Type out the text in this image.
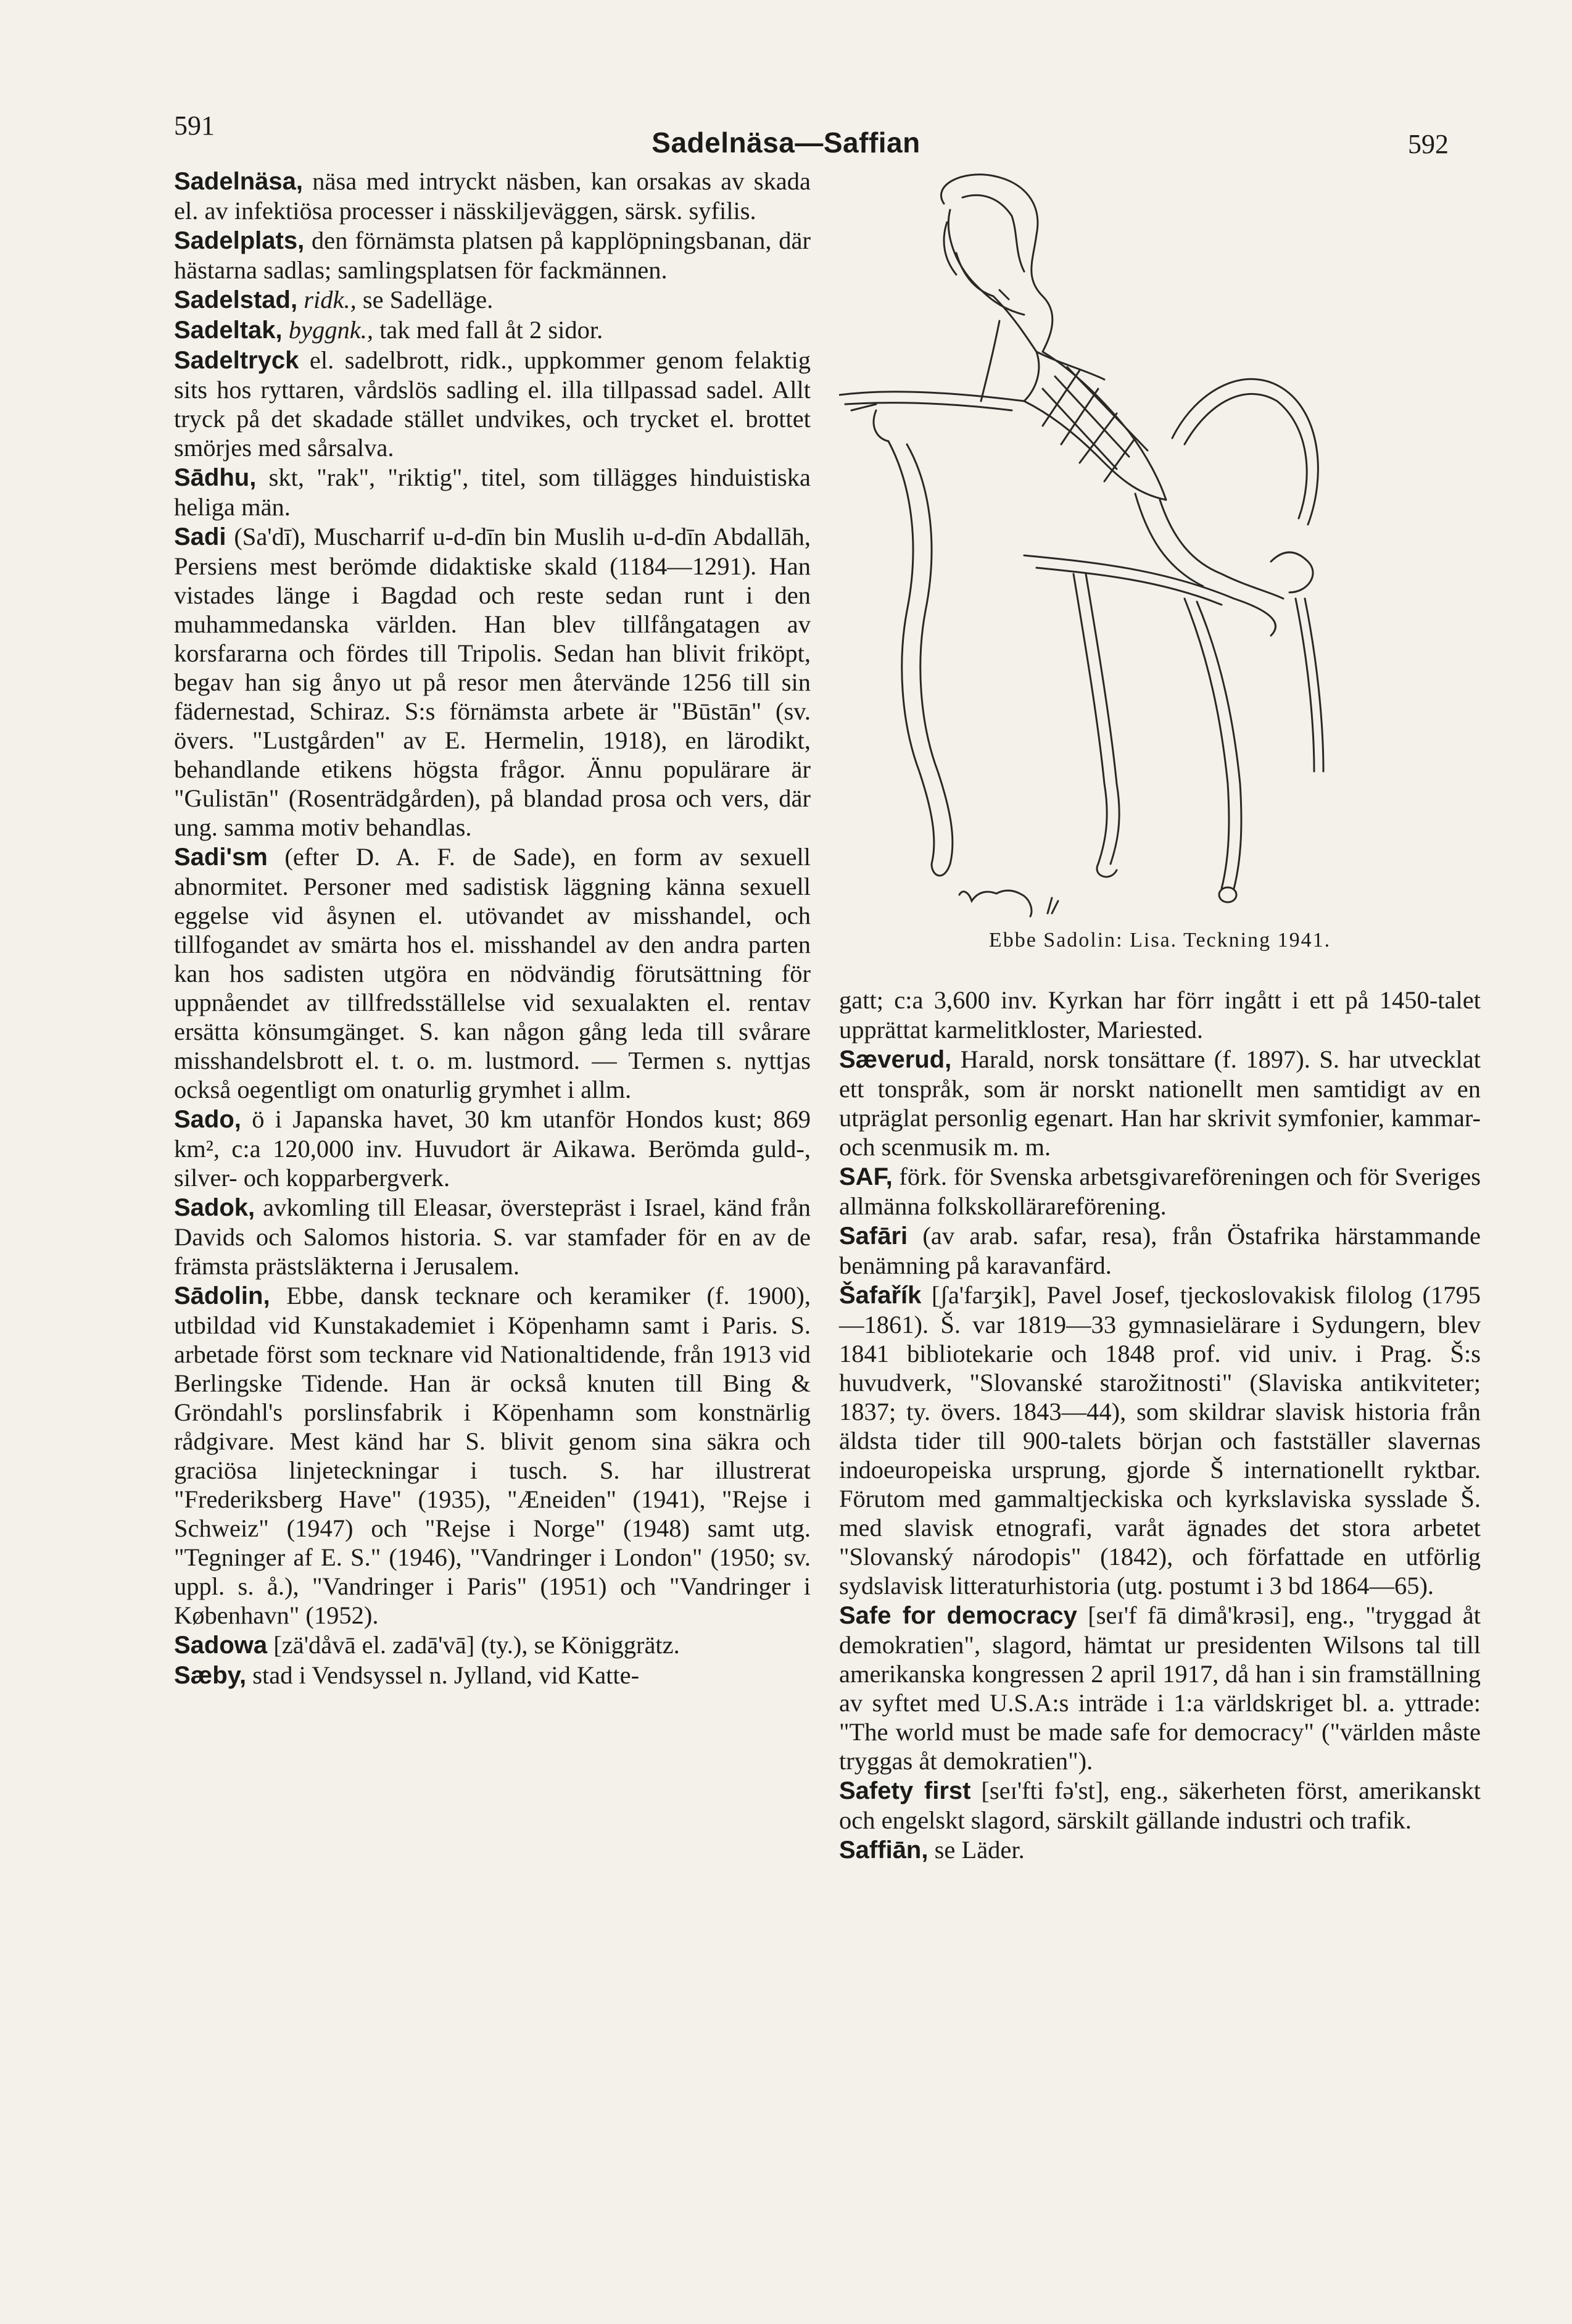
591
Sadelnäsa—Saffian	592

Sadelnäsa, näsa med intryckt näsben, kan orsakas av skada el. av infektiösa processer i nässkiljeväggen, särsk. syfilis.

Sadelplats, den förnämsta platsen på kapplöpningsbanan, där hästarna sadlas; samlingsplatsen för fackmännen.

Sadelstad, ridk., se Sadelläge.

Sadeltak, byggnk., tak med fall åt 2 sidor.

Sadeltryck el. sadelbrott, ridk., uppkommer genom felaktig sits hos ryttaren, vårdslös sadling el. illa tillpassad sadel. Allt tryck på det skadade stället undvikes, och trycket el. brottet smörjes med sårsalva.

Sādhu, skt, "rak", "riktig", titel, som tillägges hinduistiska heliga män.

Sadi (Sa'dī), Muscharrif u-d-dīn bin Muslih u-d-dīn Abdallāh, Persiens mest berömde didaktiske skald (1184—1291). Han vistades länge i Bagdad och reste sedan runt i den muhammedanska världen. Han blev tillfångatagen av korsfararna och fördes till Tripolis. Sedan han blivit friköpt, begav han sig ånyo ut på resor men återvände 1256 till sin fädernestad, Schiraz. S:s förnämsta arbete är "Būstān" (sv. övers. "Lustgården" av E. Hermelin, 1918), en lärodikt, behandlande etikens högsta frågor. Ännu populärare är "Gulistān" (Rosenträdgården), på blandad prosa och vers, där ung. samma motiv behandlas.

Sadi'sm (efter D. A. F. de Sade), en form av sexuell abnormitet. Personer med sadistisk läggning känna sexuell eggelse vid åsynen el. utövandet av misshandel, och tillfogandet av smärta hos el. misshandel av den andra parten kan hos sadisten utgöra en nödvändig förutsättning för uppnåendet av tillfredsställelse vid sexualakten el. rentav ersätta könsumgänget. S. kan någon gång leda till svårare misshandelsbrott el. t. o. m. lustmord. — Termen s. nyttjas också oegentligt om onaturlig grymhet i allm.

Sado, ö i Japanska havet, 30 km utanför Hondos kust; 869 km², c:a 120,000 inv. Huvudort är Aikawa. Berömda guld-, silver- och kopparbergverk.

Sadok, avkomling till Eleasar, överstepräst i Israel, känd från Davids och Salomos historia. S. var stamfader för en av de främsta prästsläkterna i Jerusalem.

Sādolin, Ebbe, dansk tecknare och keramiker (f. 1900), utbildad vid Kunstakademiet i Köpenhamn samt i Paris. S. arbetade först som tecknare vid Nationaltidende, från 1913 vid Berlingske Tidende. Han är också knuten till Bing & Gröndahl's porslinsfabrik i Köpenhamn som konstnärlig rådgivare. Mest känd har S. blivit genom sina säkra och graciösa linjeteckningar i tusch. S. har illustrerat "Frederiksberg Have" (1935), "Æneiden" (1941), "Rejse i Schweiz" (1947) och "Rejse i Norge" (1948) samt utg. "Tegninger af E. S." (1946), "Vandringer i London" (1950; sv. uppl. s. å.), "Vandringer i Paris" (1951) och "Vandringer i København" (1952).

Sadowa [zä'dåvā el. zadā'vā] (ty.), se Königgrätz.

Sæby, stad i Vendsyssel n. Jylland, vid Katte-

Ebbe Sadolin: Lisa. Teckning 1941.

gatt; c:a 3,600 inv. Kyrkan har förr ingått i ett på 1450-talet upprättat karmelitkloster, Mariested.

Sæverud, Harald, norsk tonsättare (f. 1897). S. har utvecklat ett tonspråk, som är norskt nationellt men samtidigt av en utpräglat personlig egenart. Han har skrivit symfonier, kammar- och scenmusik m. m.

SAF, förk. för Svenska arbetsgivareföreningen och för Sveriges allmänna folkskollärareförening.

Safāri (av arab. safar, resa), från Östafrika härstammande benämning på karavanfärd.

Šafařík [ʃa'farʒik], Pavel Josef, tjeckoslovakisk filolog (1795—1861). Š. var 1819—33 gymnasielärare i Sydungern, blev 1841 bibliotekarie och 1848 prof. vid univ. i Prag. Š:s huvudverk, "Slovanské starožitnosti" (Slaviska antikviteter; 1837; ty. övers. 1843—44), som skildrar slavisk historia från äldsta tider till 900-talets början och fastställer slavernas indoeuropeiska ursprung, gjorde Š internationellt ryktbar. Förutom med gammaltjeckiska och kyrkslaviska sysslade Š. med slavisk etnografi, varåt ägnades det stora arbetet "Slovanský národopis" (1842), och författade en utförlig sydslavisk litteraturhistoria (utg. postumt i 3 bd 1864—65).

Safe for democracy [seɪ'f fā dimå'krəsi], eng., "tryggad åt demokratien", slagord, hämtat ur presidenten Wilsons tal till amerikanska kongressen 2 april 1917, då han i sin framställning av syftet med U.S.A:s inträde i 1:a världskriget bl. a. yttrade: "The world must be made safe for democracy" ("världen måste tryggas åt demokratien").

Safety first [seɪ'fti fə'st], eng., säkerheten först, amerikanskt och engelskt slagord, särskilt gällande industri och trafik.

Saffiān, se Läder.
